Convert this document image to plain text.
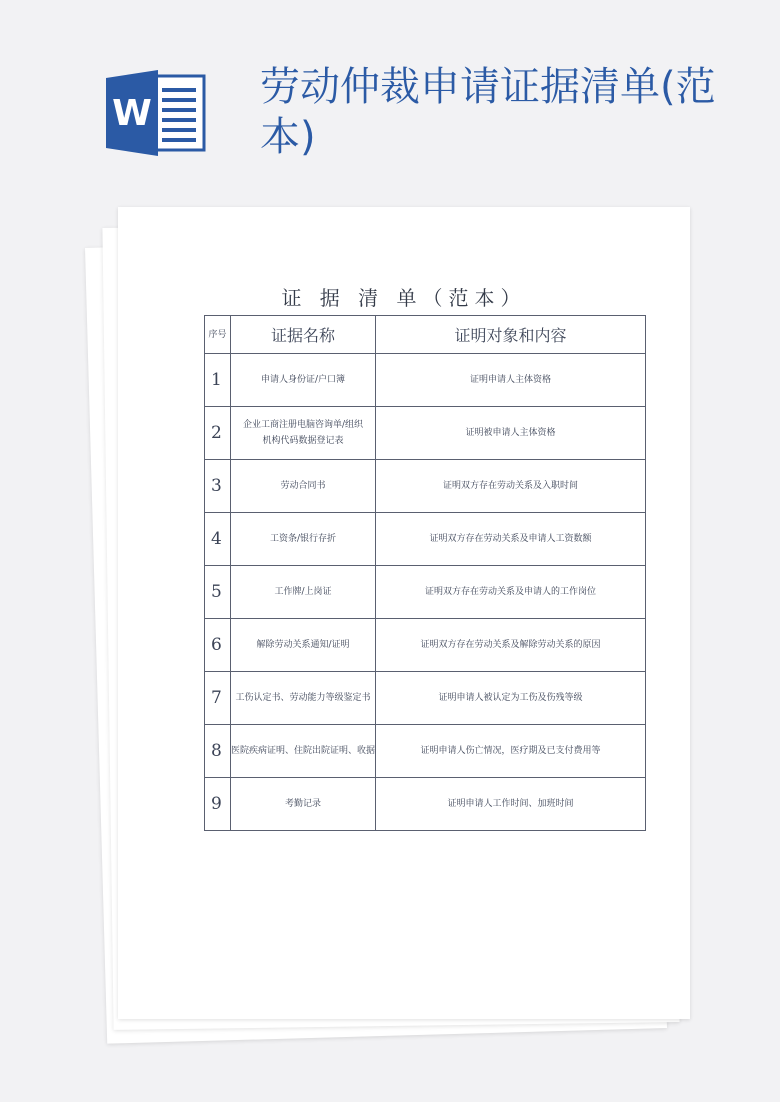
W
劳动仲裁申请证据清单(范本)
证 据 清 单（范本）
序号	证据名称	证明对象和内容
1	申请人身份证/户口簿	证明申请人主体资格
2	企业工商注册电脑咨询单/组织机构代码数据登记表	证明被申请人主体资格
3	劳动合同书	证明双方存在劳动关系及入职时间
4	工资条/银行存折	证明双方存在劳动关系及申请人工资数额
5	工作牌/上岗证	证明双方存在劳动关系及申请人的工作岗位
6	解除劳动关系通知/证明	证明双方存在劳动关系及解除劳动关系的原因
7	工伤认定书、劳动能力等级鉴定书	证明申请人被认定为工伤及伤残等级
8	医院疾病证明、住院出院证明、收据	证明申请人伤亡情况，医疗期及已支付费用等
9	考勤记录	证明申请人工作时间、加班时间
